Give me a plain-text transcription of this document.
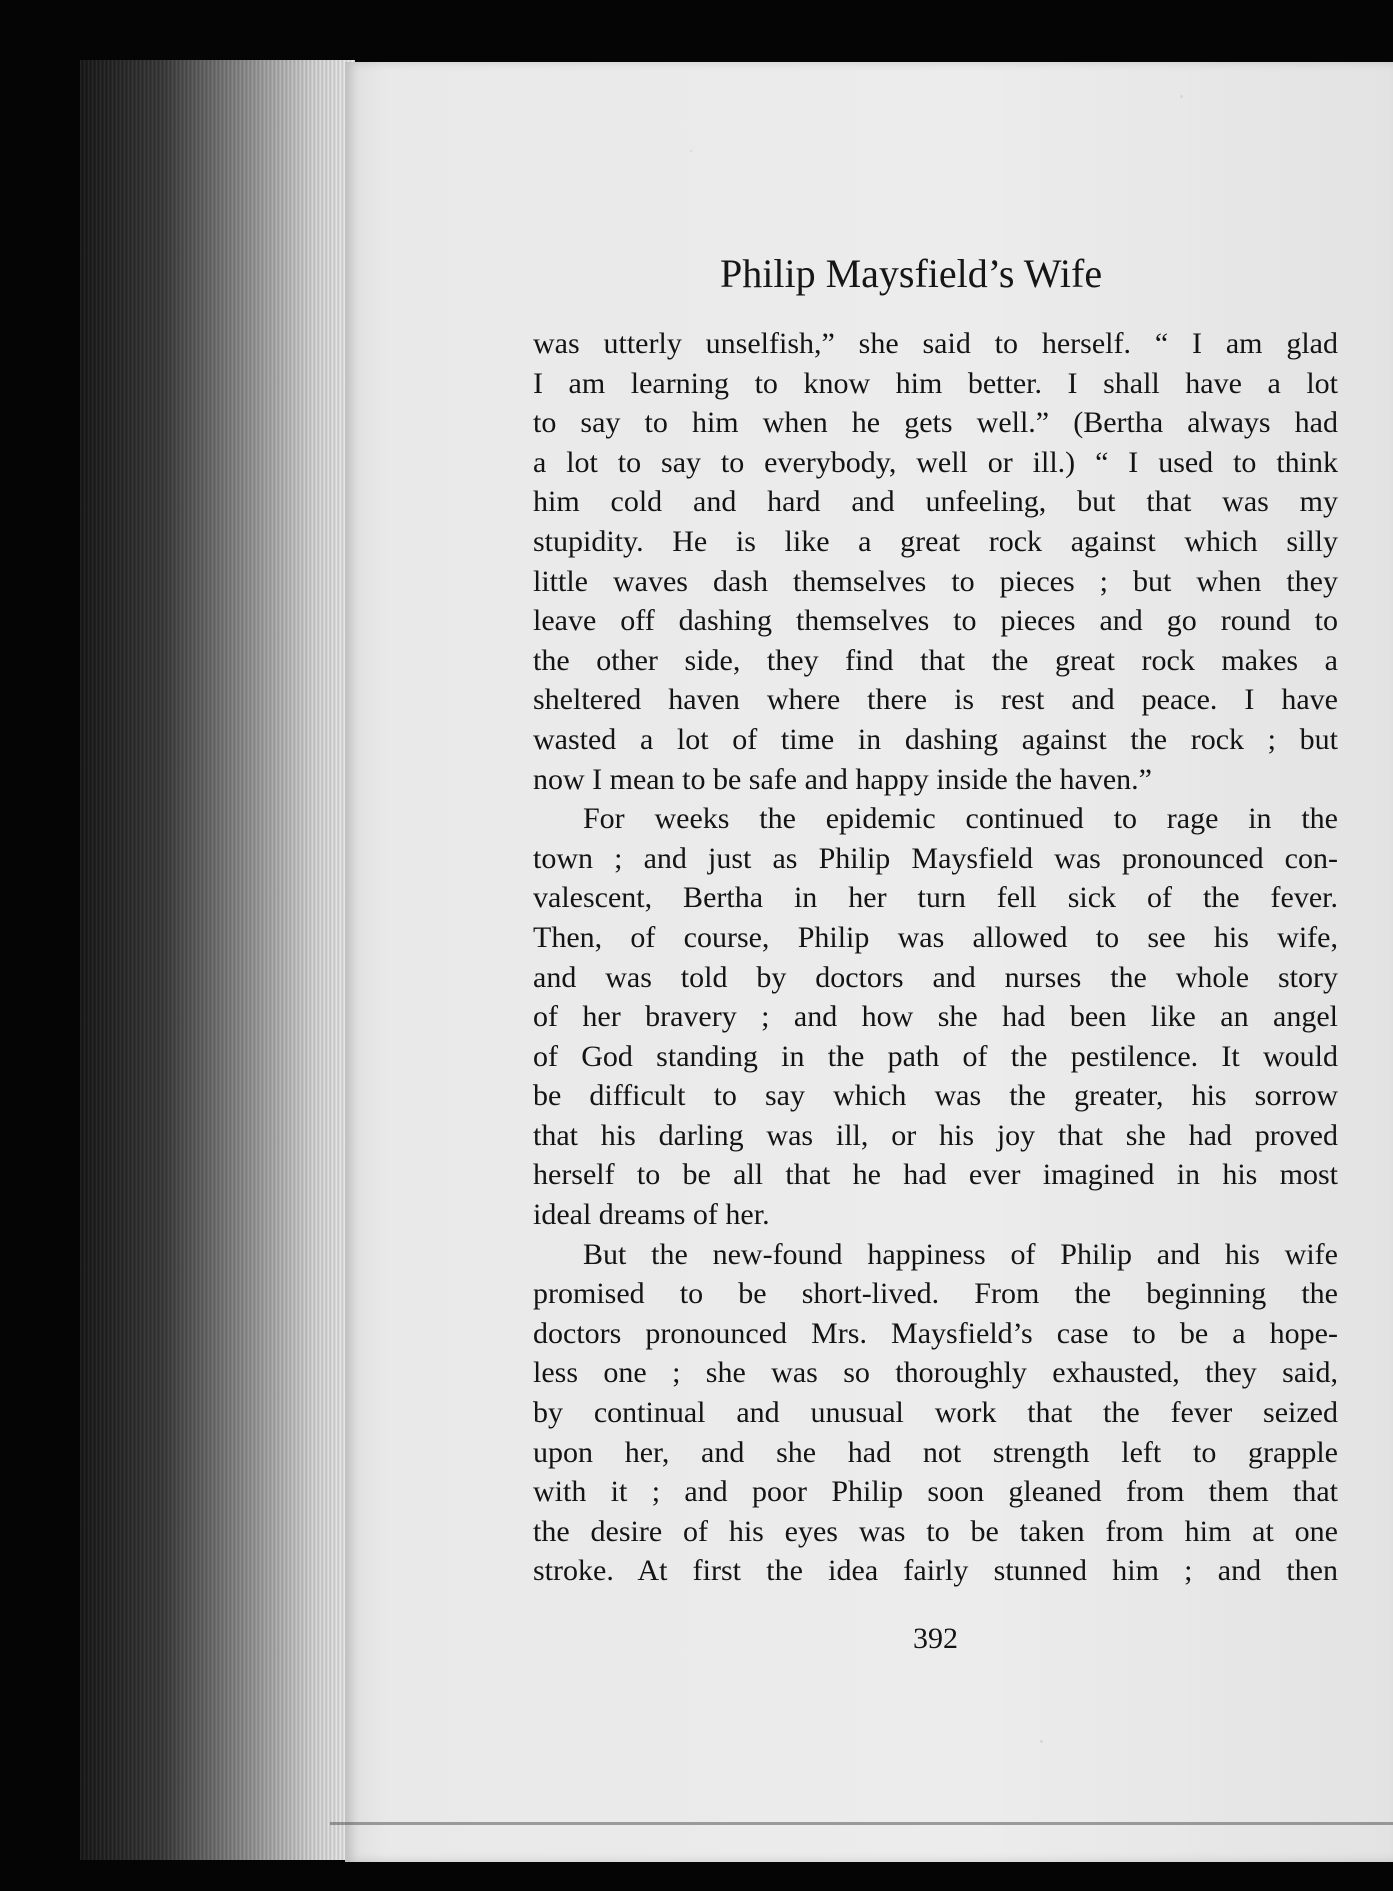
Philip Maysfield’s Wife
was utterly unselfish,” she said to herself. “ I am glad
I am learning to know him better. I shall have a lot
to say to him when he gets well.” (Bertha always had
a lot to say to everybody, well or ill.) “ I used to think
him cold and hard and unfeeling, but that was my
stupidity. He is like a great rock against which silly
little waves dash themselves to pieces ; but when they
leave off dashing themselves to pieces and go round to
the other side, they find that the great rock makes a
sheltered haven where there is rest and peace. I have
wasted a lot of time in dashing against the rock ; but
now I mean to be safe and happy inside the haven.”
For weeks the epidemic continued to rage in the
town ; and just as Philip Maysfield was pronounced con-
valescent, Bertha in her turn fell sick of the fever.
Then, of course, Philip was allowed to see his wife,
and was told by doctors and nurses the whole story
of her bravery ; and how she had been like an angel
of God standing in the path of the pestilence. It would
be difficult to say which was the greater, his sorrow
that his darling was ill, or his joy that she had proved
herself to be all that he had ever imagined in his most
ideal dreams of her.
But the new-found happiness of Philip and his wife
promised to be short-lived. From the beginning the
doctors pronounced Mrs. Maysfield’s case to be a hope-
less one ; she was so thoroughly exhausted, they said,
by continual and unusual work that the fever seized
upon her, and she had not strength left to grapple
with it ; and poor Philip soon gleaned from them that
the desire of his eyes was to be taken from him at one
stroke. At first the idea fairly stunned him ; and then
392
